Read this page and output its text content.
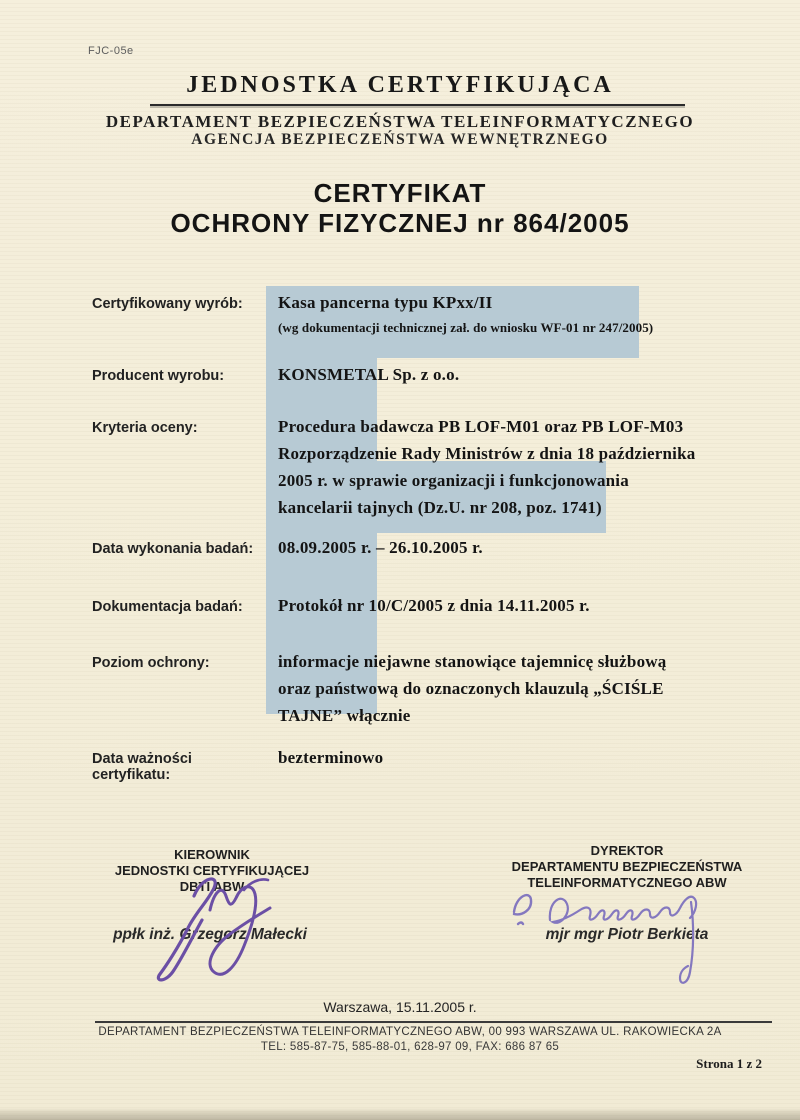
FJC-05e
JEDNOSTKA CERTYFIKUJĄCA
DEPARTAMENT BEZPIECZEŃSTWA TELEINFORMATYCZNEGO
AGENCJA BEZPIECZEŃSTWA WEWNĘTRZNEGO
CERTYFIKAT
OCHRONY FIZYCZNEJ nr 864/2005
Certyfikowany wyrób:	Kasa pancerna typu KPxx/II
(wg dokumentacji technicznej zał. do wniosku WF-01 nr 247/2005)
Producent wyrobu:	KONSMETAL Sp. z o.o.
Kryteria oceny:	Procedura badawcza PB LOF-M01 oraz PB LOF-M03
Rozporządzenie Rady Ministrów z dnia 18 października
2005 r. w sprawie organizacji i funkcjonowania
kancelarii tajnych (Dz.U. nr 208, poz. 1741)
Data wykonania badań:	08.09.2005 r. – 26.10.2005 r.
Dokumentacja badań:	Protokół nr 10/C/2005 z dnia 14.11.2005 r.
Poziom ochrony:	informacje niejawne stanowiące tajemnicę służbową
oraz państwową do oznaczonych klauzulą „ŚCIŚLE
TAJNE” włącznie
Data ważności certyfikatu:
bezterminowo
KIEROWNIK
JEDNOSTKI CERTYFIKUJĄCEJ
DBTI ABW
DYREKTOR
DEPARTAMENTU BEZPIECZEŃSTWA
TELEINFORMATYCZNEGO ABW
ppłk inż. Grzegorz Małecki	mjr mgr Piotr Berkieta
Warszawa, 15.11.2005 r.
DEPARTAMENT BEZPIECZEŃSTWA TELEINFORMATYCZNEGO ABW, 00 993 WARSZAWA UL. RAKOWIECKA 2A
TEL: 585-87-75, 585-88-01, 628-97 09, FAX: 686 87 65
Strona 1 z 2
